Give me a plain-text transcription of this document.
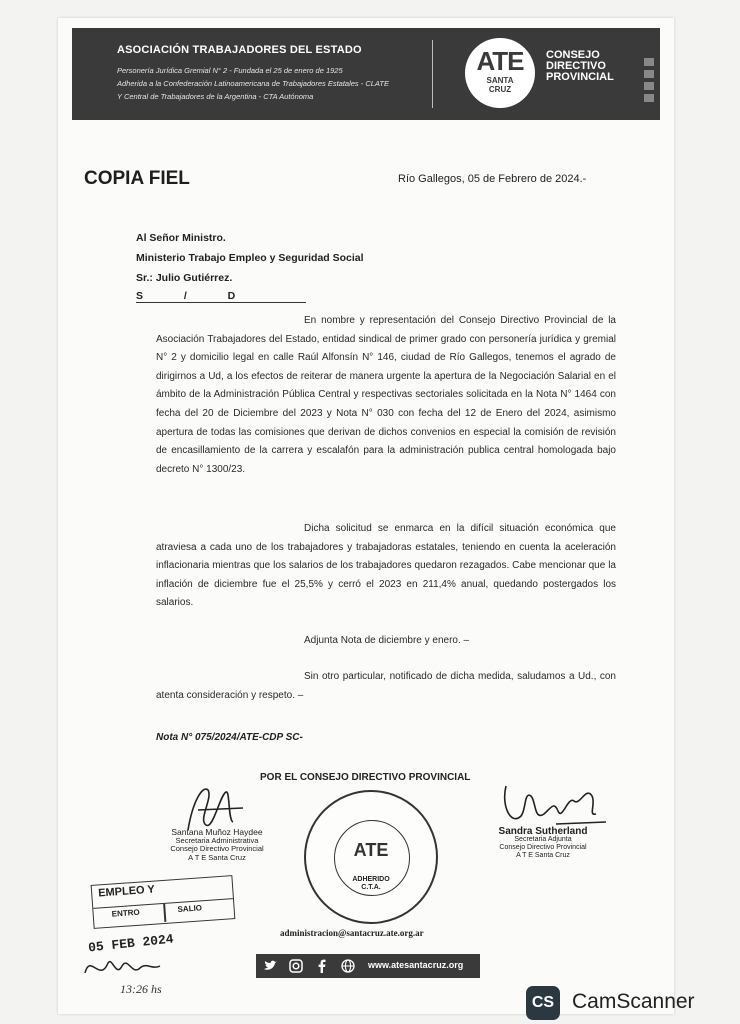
ASOCIACIÓN TRABAJADORES DEL ESTADO
Personería Jurídica Gremial N° 2 - Fundada el 25 de enero de 1925
Adherida a la Confederación Latinoamericana de Trabajadores Estatales - CLATE
Y Central de Trabajadores de la Argentina - CTA Autónoma
ATE
SANTA
CRUZ
CONSEJO
DIRECTIVO
PROVINCIAL
COPIA FIEL	Río Gallegos, 05 de Febrero de 2024.-
Al Señor Ministro.
Ministerio Trabajo Empleo y Seguridad Social
Sr.: Julio Gutiérrez.
S              /              D

En nombre y representación del Consejo Directivo Provincial de la Asociación Trabajadores del Estado, entidad sindical de primer grado con personería jurídica y gremial N° 2 y domicilio legal en calle Raúl Alfonsín N° 146, ciudad de Río Gallegos, tenemos el agrado de dirigirnos a Ud, a los efectos de reiterar de manera urgente la apertura de la Negociación Salarial en el ámbito de la Administración Pública Central y respectivas sectoriales solicitada en la Nota N° 1464 con fecha del 20 de Diciembre del 2023 y Nota N° 030 con fecha del 12 de Enero del 2024, asimismo apertura de todas las comisiones que derivan de dichos convenios en especial la comisión de revisión de encasillamiento de la carrera y escalafón para la administración publica central homologada bajo decreto N° 1300/23.

Dicha solicitud se enmarca en la difícil situación económica que atraviesa a cada uno de los trabajadores y trabajadoras estatales, teniendo en cuenta la aceleración inflacionaria mientras que los salarios de los trabajadores quedaron rezagados. Cabe mencionar que la inflación de diciembre fue el 25,5% y cerró el 2023 en 211,4% anual, quedando postergados los salarios.

Adjunta Nota de diciembre y enero. –

Sin otro particular, notificado de dicha medida, saludamos a Ud., con atenta consideración y respeto. –

Nota N° 075/2024/ATE-CDP SC-
POR EL CONSEJO DIRECTIVO PROVINCIAL
Santana Muñoz Haydee
Secretaria Administrativa
Consejo Directivo Provincial
A T E Santa Cruz	ATE
ADHERIDO
C.T.A.
Sandra Sutherland
Secretaria Adjunta
Consejo Directivo Provincial
A T E Santa Cruz
EMPLEO Y
ENTRO	SALIO
05 FEB 2024
13:26 hs
administracion@santacruz.ate.org.ar
www.atesantacruz.org
CS CamScanner
